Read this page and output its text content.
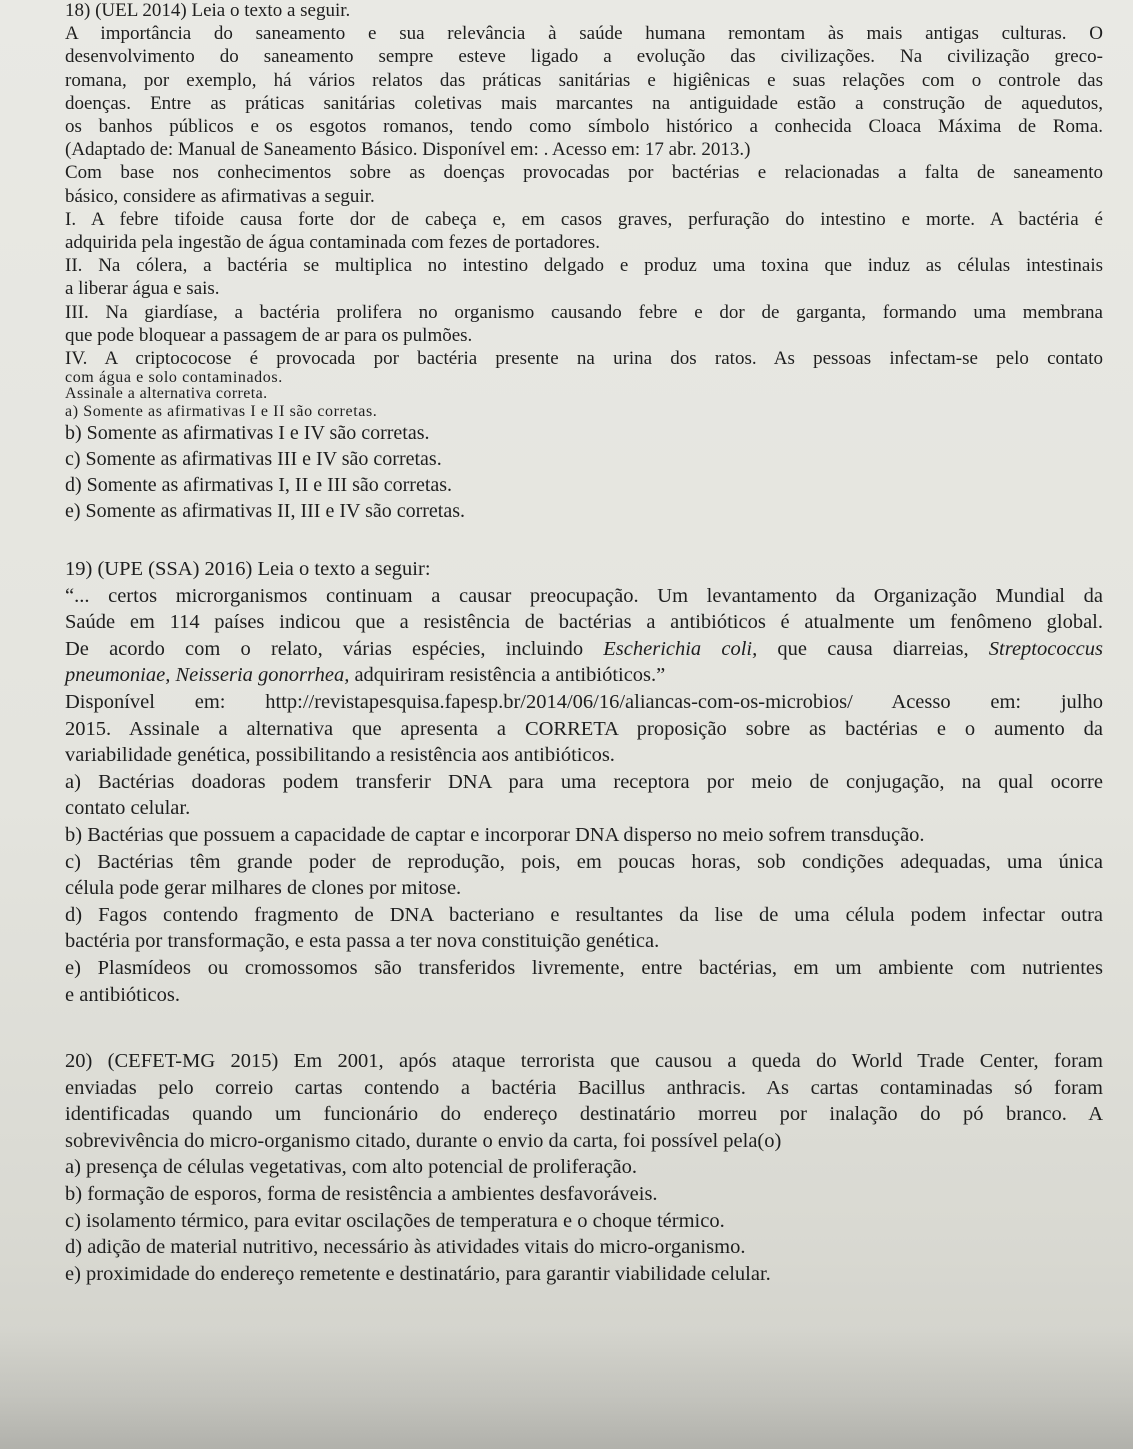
18) (UEL 2014) Leia o texto a seguir.
A importância do saneamento e sua relevância à saúde humana remontam às mais antigas culturas. O
desenvolvimento do saneamento sempre esteve ligado a evolução das civilizações. Na civilização greco-
romana, por exemplo, há vários relatos das práticas sanitárias e higiênicas e suas relações com o controle das
doenças. Entre as práticas sanitárias coletivas mais marcantes na antiguidade estão a construção de aquedutos,
os banhos públicos e os esgotos romanos, tendo como símbolo histórico a conhecida Cloaca Máxima de Roma.
(Adaptado de: Manual de Saneamento Básico. Disponível em: . Acesso em: 17 abr. 2013.)
Com base nos conhecimentos sobre as doenças provocadas por bactérias e relacionadas a falta de saneamento
básico, considere as afirmativas a seguir.
I. A febre tifoide causa forte dor de cabeça e, em casos graves, perfuração do intestino e morte. A bactéria é
adquirida pela ingestão de água contaminada com fezes de portadores.
II. Na cólera, a bactéria se multiplica no intestino delgado e produz uma toxina que induz as células intestinais
a liberar água e sais.
III. Na giardíase, a bactéria prolifera no organismo causando febre e dor de garganta, formando uma membrana
que pode bloquear a passagem de ar para os pulmões.
IV. A criptococose é provocada por bactéria presente na urina dos ratos. As pessoas infectam-se pelo contato
com água e solo contaminados.
Assinale a alternativa correta.
a) Somente as afirmativas I e II são corretas.
b) Somente as afirmativas I e IV são corretas.
c) Somente as afirmativas III e IV são corretas.
d) Somente as afirmativas I, II e III são corretas.
e) Somente as afirmativas II, III e IV são corretas.
19) (UPE (SSA) 2016) Leia o texto a seguir:
“... certos microrganismos continuam a causar preocupação. Um levantamento da Organização Mundial da
Saúde em 114 países indicou que a resistência de bactérias a antibióticos é atualmente um fenômeno global.
De acordo com o relato, várias espécies, incluindo Escherichia coli, que causa diarreias, Streptococcus
pneumoniae, Neisseria gonorrhea, adquiriram resistência a antibióticos.”
Disponível em: http://revistapesquisa.fapesp.br/2014/06/16/aliancas-com-os-microbios/ Acesso em: julho
2015. Assinale a alternativa que apresenta a CORRETA proposição sobre as bactérias e o aumento da
variabilidade genética, possibilitando a resistência aos antibióticos.
a) Bactérias doadoras podem transferir DNA para uma receptora por meio de conjugação, na qual ocorre
contato celular.
b) Bactérias que possuem a capacidade de captar e incorporar DNA disperso no meio sofrem transdução.
c) Bactérias têm grande poder de reprodução, pois, em poucas horas, sob condições adequadas, uma única
célula pode gerar milhares de clones por mitose.
d) Fagos contendo fragmento de DNA bacteriano e resultantes da lise de uma célula podem infectar outra
bactéria por transformação, e esta passa a ter nova constituição genética.
e) Plasmídeos ou cromossomos são transferidos livremente, entre bactérias, em um ambiente com nutrientes
e antibióticos.
20) (CEFET-MG 2015) Em 2001, após ataque terrorista que causou a queda do World Trade Center, foram
enviadas pelo correio cartas contendo a bactéria Bacillus anthracis. As cartas contaminadas só foram
identificadas quando um funcionário do endereço destinatário morreu por inalação do pó branco. A
sobrevivência do micro-organismo citado, durante o envio da carta, foi possível pela(o)
a) presença de células vegetativas, com alto potencial de proliferação.
b) formação de esporos, forma de resistência a ambientes desfavoráveis.
c) isolamento térmico, para evitar oscilações de temperatura e o choque térmico.
d) adição de material nutritivo, necessário às atividades vitais do micro-organismo.
e) proximidade do endereço remetente e destinatário, para garantir viabilidade celular.
